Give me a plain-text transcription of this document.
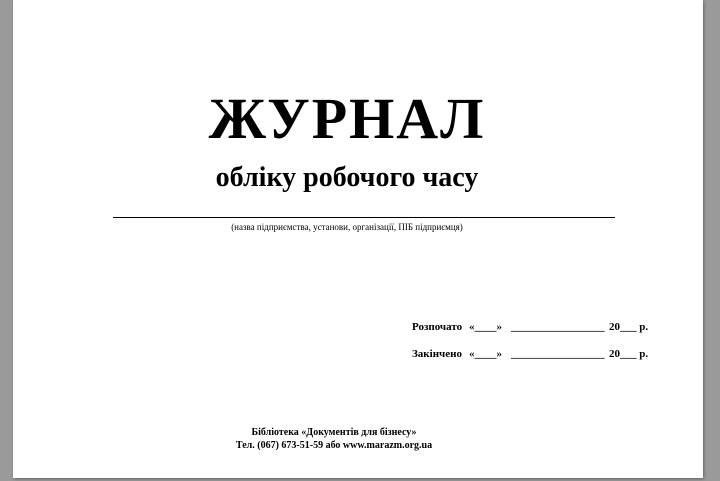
ЖУРНАЛ
обліку робочого часу
(назва підприємства, установи, організації, ПІБ підприємця)
Розпочато «____» _________________ 20___ р.
Закінчено «____» _________________ 20___ р.
Бібліотека «Документів для бізнесу»
Тел. (067) 673-51-59 або www.marazm.org.ua
